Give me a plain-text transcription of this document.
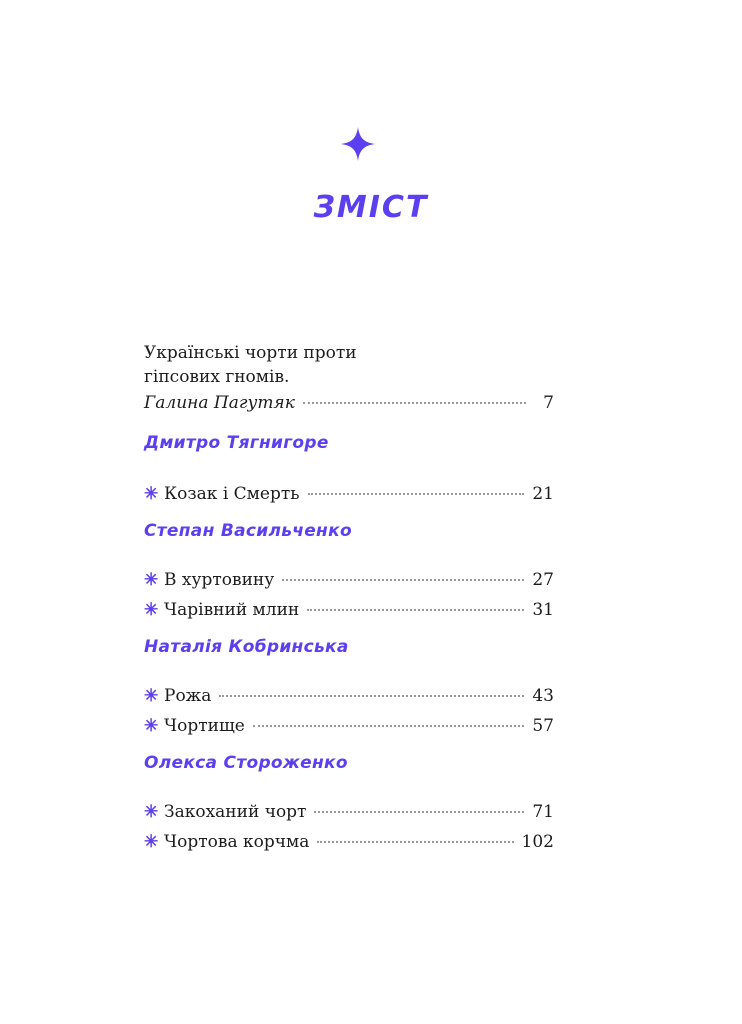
ЗМІСТ
Українські чорти проти
гіпсових гномів.
Галина Пагутяк	7
Дмитро Тягнигоре
✳ Козак і Смерть	21
Степан Васильченко
✳ В хуртовину	27
✳ Чарівний млин	31
Наталія Кобринська
✳ Рожа	43
✳ Чортище	57
Олекса Стороженко
✳ Закоханий чорт	71
✳ Чортова корчма	102
